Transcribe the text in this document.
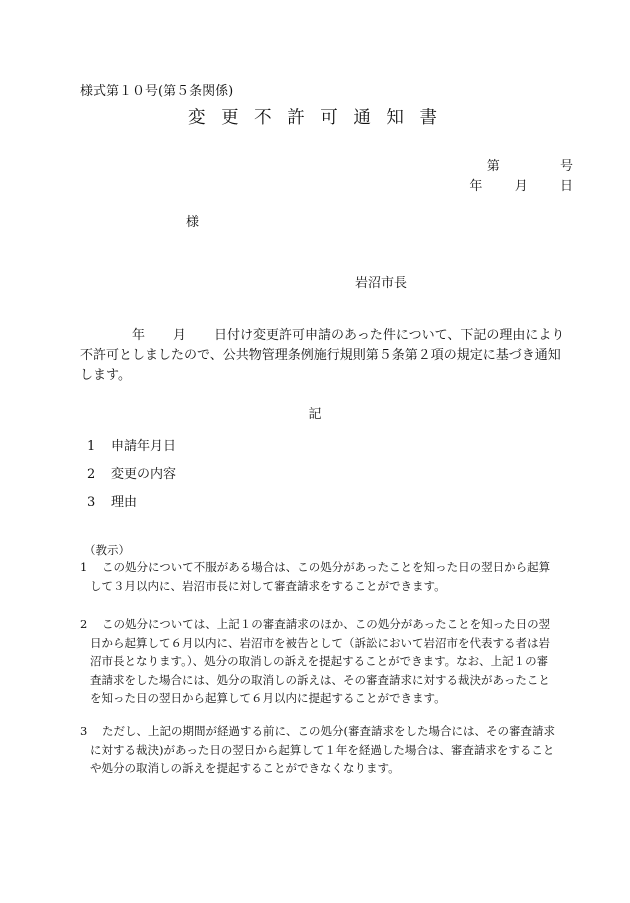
様式第１０号(第５条関係)
変 更 不 許 可 通 知 書
第	号
年 月 日
様
岩沼市長
年 月 日付け変更許可申請のあった件について、下記の理由により
不許可としましたので、公共物管理条例施行規則第５条第２項の規定に基づき通知
します。
記
1 申請年月日
2 変更の内容
3 理由
（教示）
1 この処分について不服がある場合は、この処分があったことを知った日の翌日から起算
して３月以内に、岩沼市長に対して審査請求をすることができます。
2 この処分については、上記１の審査請求のほか、この処分があったことを知った日の翌
日から起算して６月以内に、岩沼市を被告として（訴訟において岩沼市を代表する者は岩
沼市長となります。）、処分の取消しの訴えを提起することができます。なお、上記１の審
査請求をした場合には、処分の取消しの訴えは、その審査請求に対する裁決があったこと
を知った日の翌日から起算して６月以内に提起することができます。
3 ただし、上記の期間が経過する前に、この処分(審査請求をした場合には、その審査請求
に対する裁決)があった日の翌日から起算して１年を経過した場合は、審査請求をすること
や処分の取消しの訴えを提起することができなくなります。
